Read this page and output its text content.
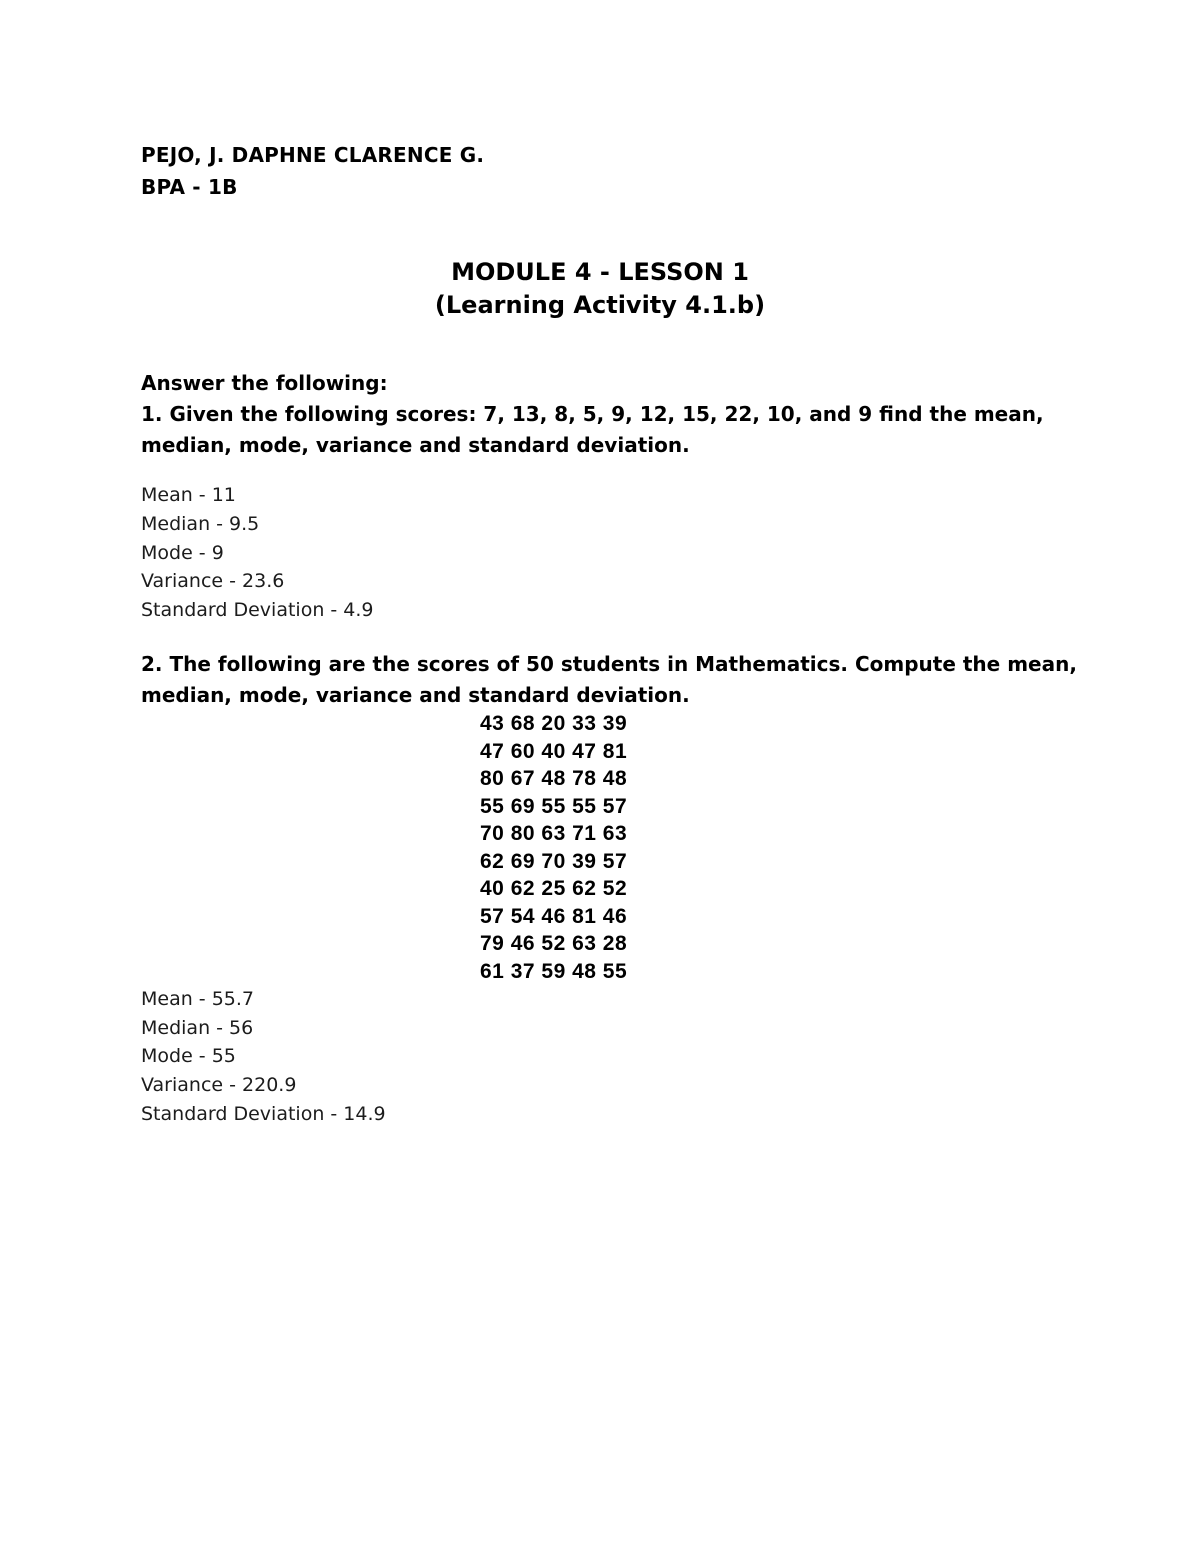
PEJO, J. DAPHNE CLARENCE G.
BPA - 1B
MODULE 4 - LESSON 1
(Learning Activity 4.1.b)
Answer the following:
1. Given the following scores: 7, 13, 8, 5, 9, 12, 15, 22, 10, and 9 find the mean,
median, mode, variance and standard deviation.
Mean - 11
Median - 9.5
Mode - 9
Variance - 23.6
Standard Deviation - 4.9
2. The following are the scores of 50 students in Mathematics. Compute the mean,
median, mode, variance and standard deviation.
43 68 20 33 39
47 60 40 47 81
80 67 48 78 48
55 69 55 55 57
70 80 63 71 63
62 69 70 39 57
40 62 25 62 52
57 54 46 81 46
79 46 52 63 28
61 37 59 48 55
Mean - 55.7
Median - 56
Mode - 55
Variance - 220.9
Standard Deviation - 14.9
